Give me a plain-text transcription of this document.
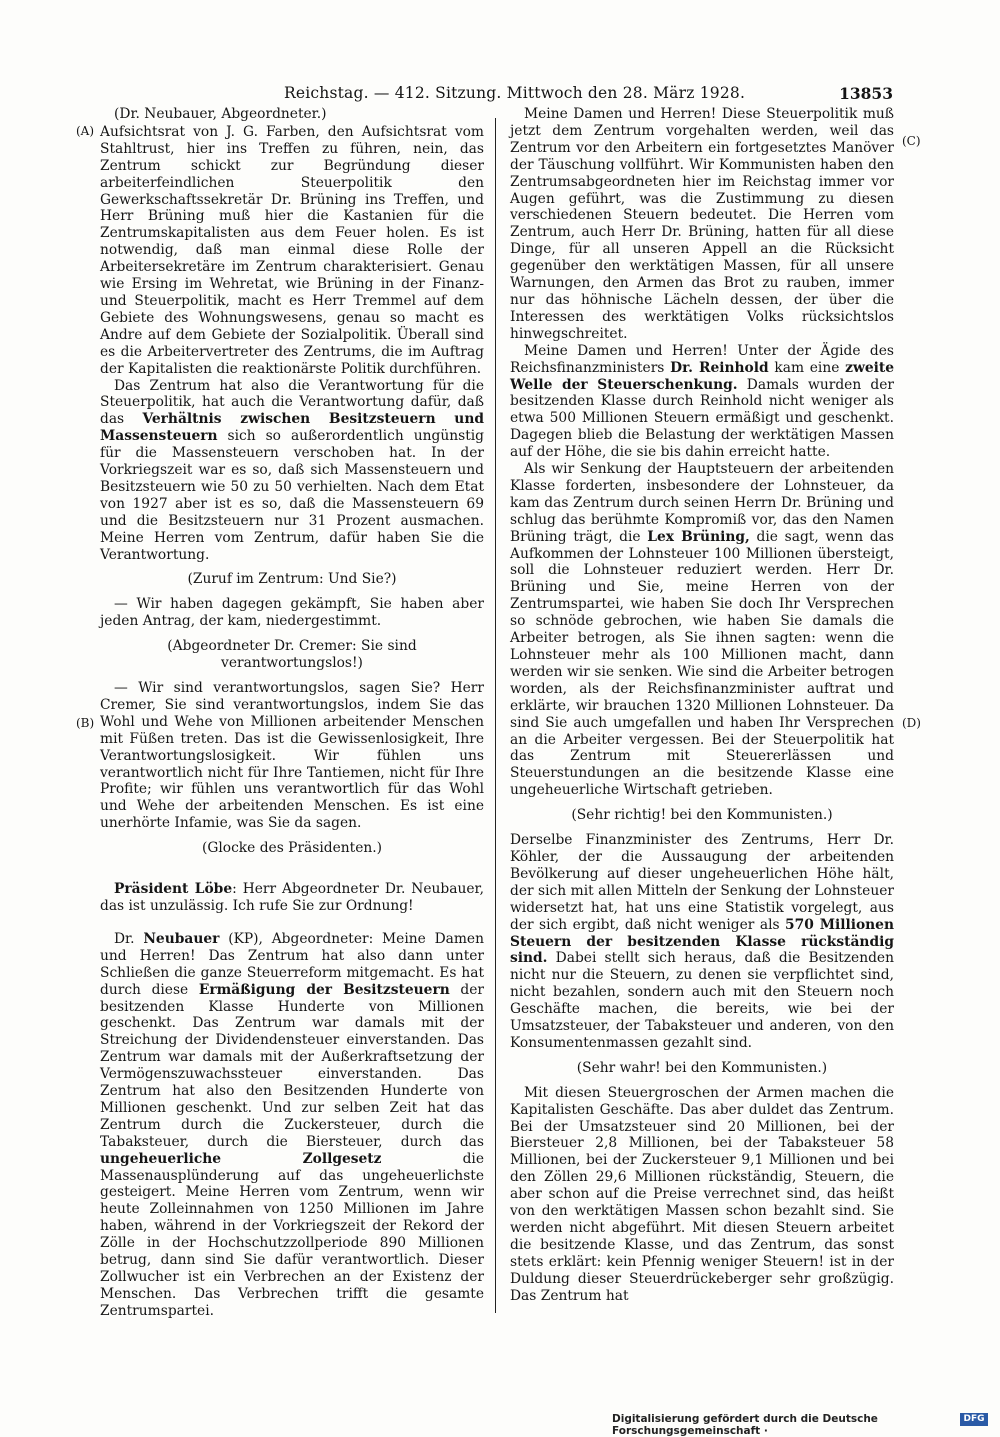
Reichstag. — 412. Sitzung. Mittwoch den 28. März 1928.	13853
(A)
(B)
(C)
(D)

(Dr. Neubauer, Abgeordneter.)

Aufsichtsrat von J. G. Farben, den Aufsichtsrat vom Stahltrust, hier ins Treffen zu führen, nein, das Zentrum schickt zur Begründung dieser arbeiterfeindlichen Steuerpolitik den Gewerkschaftssekretär Dr. Brüning ins Treffen, und Herr Brüning muß hier die Kastanien für die Zentrumskapitalisten aus dem Feuer holen. Es ist notwendig, daß man einmal diese Rolle der Arbeitersekretäre im Zentrum charakterisiert. Genau wie Ersing im Wehretat, wie Brüning in der Finanz- und Steuerpolitik, macht es Herr Tremmel auf dem Gebiete des Wohnungswesens, genau so macht es Andre auf dem Gebiete der Sozialpolitik. Überall sind es die Arbeitervertreter des Zentrums, die im Auftrag der Kapitalisten die reaktionärste Politik durchführen.

Das Zentrum hat also die Verantwortung für die Steuerpolitik, hat auch die Verantwortung dafür, daß das Verhältnis zwischen Besitzsteuern und Massensteuern sich so außerordentlich ungünstig für die Massensteuern verschoben hat. In der Vorkriegszeit war es so, daß sich Massensteuern und Besitzsteuern wie 50 zu 50 verhielten. Nach dem Etat von 1927 aber ist es so, daß die Massensteuern 69 und die Besitzsteuern nur 31 Prozent ausmachen. Meine Herren vom Zentrum, dafür haben Sie die Verantwortung.

(Zuruf im Zentrum: Und Sie?)

— Wir haben dagegen gekämpft, Sie haben aber jeden Antrag, der kam, niedergestimmt.

(Abgeordneter Dr. Cremer: Sie sind verantwortungslos!)

— Wir sind verantwortungslos, sagen Sie? Herr Cremer, Sie sind verantwortungslos, indem Sie das Wohl und Wehe von Millionen arbeitender Menschen mit Füßen treten. Das ist die Gewissenlosigkeit, Ihre Verantwortungslosigkeit. Wir fühlen uns verantwortlich nicht für Ihre Tantiemen, nicht für Ihre Profite; wir fühlen uns verantwortlich für das Wohl und Wehe der arbeitenden Menschen. Es ist eine unerhörte Infamie, was Sie da sagen.

(Glocke des Präsidenten.)

Präsident Löbe: Herr Abgeordneter Dr. Neubauer, das ist unzulässig. Ich rufe Sie zur Ordnung!

Dr. Neubauer (KP), Abgeordneter: Meine Damen und Herren! Das Zentrum hat also dann unter Schließen die ganze Steuerreform mitgemacht. Es hat durch diese Ermäßigung der Besitzsteuern der besitzenden Klasse Hunderte von Millionen geschenkt. Das Zentrum war damals mit der Streichung der Dividendensteuer einverstanden. Das Zentrum war damals mit der Außerkraftsetzung der Vermögenszuwachssteuer einverstanden. Das Zentrum hat also den Besitzenden Hunderte von Millionen geschenkt. Und zur selben Zeit hat das Zentrum durch die Zuckersteuer, durch die Tabaksteuer, durch die Biersteuer, durch das ungeheuerliche Zollgesetz die Massenausplünderung auf das ungeheuerlichste gesteigert. Meine Herren vom Zentrum, wenn wir heute Zolleinnahmen von 1250 Millionen im Jahre haben, während in der Vorkriegszeit der Rekord der Zölle in der Hochschutzzollperiode 890 Millionen betrug, dann sind Sie dafür verantwortlich. Dieser Zollwucher ist ein Verbrechen an der Existenz der Menschen. Das Verbrechen trifft die gesamte Zentrumspartei.

Meine Damen und Herren! Diese Steuerpolitik muß jetzt dem Zentrum vorgehalten werden, weil das Zentrum vor den Arbeitern ein fortgesetztes Manöver der Täuschung vollführt. Wir Kommunisten haben den Zentrumsabgeordneten hier im Reichstag immer vor Augen geführt, was die Zustimmung zu diesen verschiedenen Steuern bedeutet. Die Herren vom Zentrum, auch Herr Dr. Brüning, hatten für all diese Dinge, für all unseren Appell an die Rücksicht gegenüber den werktätigen Massen, für all unsere Warnungen, den Armen das Brot zu rauben, immer nur das höhnische Lächeln dessen, der über die Interessen des werktätigen Volks rücksichtslos hinwegschreitet.

Meine Damen und Herren! Unter der Ägide des Reichsfinanzministers Dr. Reinhold kam eine zweite Welle der Steuerschenkung. Damals wurden der besitzenden Klasse durch Reinhold nicht weniger als etwa 500 Millionen Steuern ermäßigt und geschenkt. Dagegen blieb die Belastung der werktätigen Massen auf der Höhe, die sie bis dahin erreicht hatte.

Als wir Senkung der Hauptsteuern der arbeitenden Klasse forderten, insbesondere der Lohnsteuer, da kam das Zentrum durch seinen Herrn Dr. Brüning und schlug das berühmte Kompromiß vor, das den Namen Brüning trägt, die Lex Brüning, die sagt, wenn das Aufkommen der Lohnsteuer 100 Millionen übersteigt, soll die Lohnsteuer reduziert werden. Herr Dr. Brüning und Sie, meine Herren von der Zentrumspartei, wie haben Sie doch Ihr Versprechen so schnöde gebrochen, wie haben Sie damals die Arbeiter betrogen, als Sie ihnen sagten: wenn die Lohnsteuer mehr als 100 Millionen macht, dann werden wir sie senken. Wie sind die Arbeiter betrogen worden, als der Reichsfinanzminister auftrat und erklärte, wir brauchen 1320 Millionen Lohnsteuer. Da sind Sie auch umgefallen und haben Ihr Versprechen an die Arbeiter vergessen. Bei der Steuerpolitik hat das Zentrum mit Steuererlässen und Steuerstundungen an die besitzende Klasse eine ungeheuerliche Wirtschaft getrieben.

(Sehr richtig! bei den Kommunisten.)

Derselbe Finanzminister des Zentrums, Herr Dr. Köhler, der die Aussaugung der arbeitenden Bevölkerung auf dieser ungeheuerlichen Höhe hält, der sich mit allen Mitteln der Senkung der Lohnsteuer widersetzt hat, hat uns eine Statistik vorgelegt, aus der sich ergibt, daß nicht weniger als 570 Millionen Steuern der besitzenden Klasse rückständig sind. Dabei stellt sich heraus, daß die Besitzenden nicht nur die Steuern, zu denen sie verpflichtet sind, nicht bezahlen, sondern auch mit den Steuern noch Geschäfte machen, die bereits, wie bei der Umsatzsteuer, der Tabaksteuer und anderen, von den Konsumentenmassen gezahlt sind.

(Sehr wahr! bei den Kommunisten.)

Mit diesen Steuergroschen der Armen machen die Kapitalisten Geschäfte. Das aber duldet das Zentrum. Bei der Umsatzsteuer sind 20 Millionen, bei der Biersteuer 2,8 Millionen, bei der Tabaksteuer 58 Millionen, bei der Zuckersteuer 9,1 Millionen und bei den Zöllen 29,6 Millionen rückständig, Steuern, die aber schon auf die Preise verrechnet sind, das heißt von den werktätigen Massen schon bezahlt sind. Sie werden nicht abgeführt. Mit diesen Steuern arbeitet die besitzende Klasse, und das Zentrum, das sonst stets erklärt: kein Pfennig weniger Steuern! ist in der Duldung dieser Steuerdrückeberger sehr großzügig. Das Zentrum hat

Digitalisierung gefördert durch die Deutsche Forschungsgemeinschaft ·
DFG
